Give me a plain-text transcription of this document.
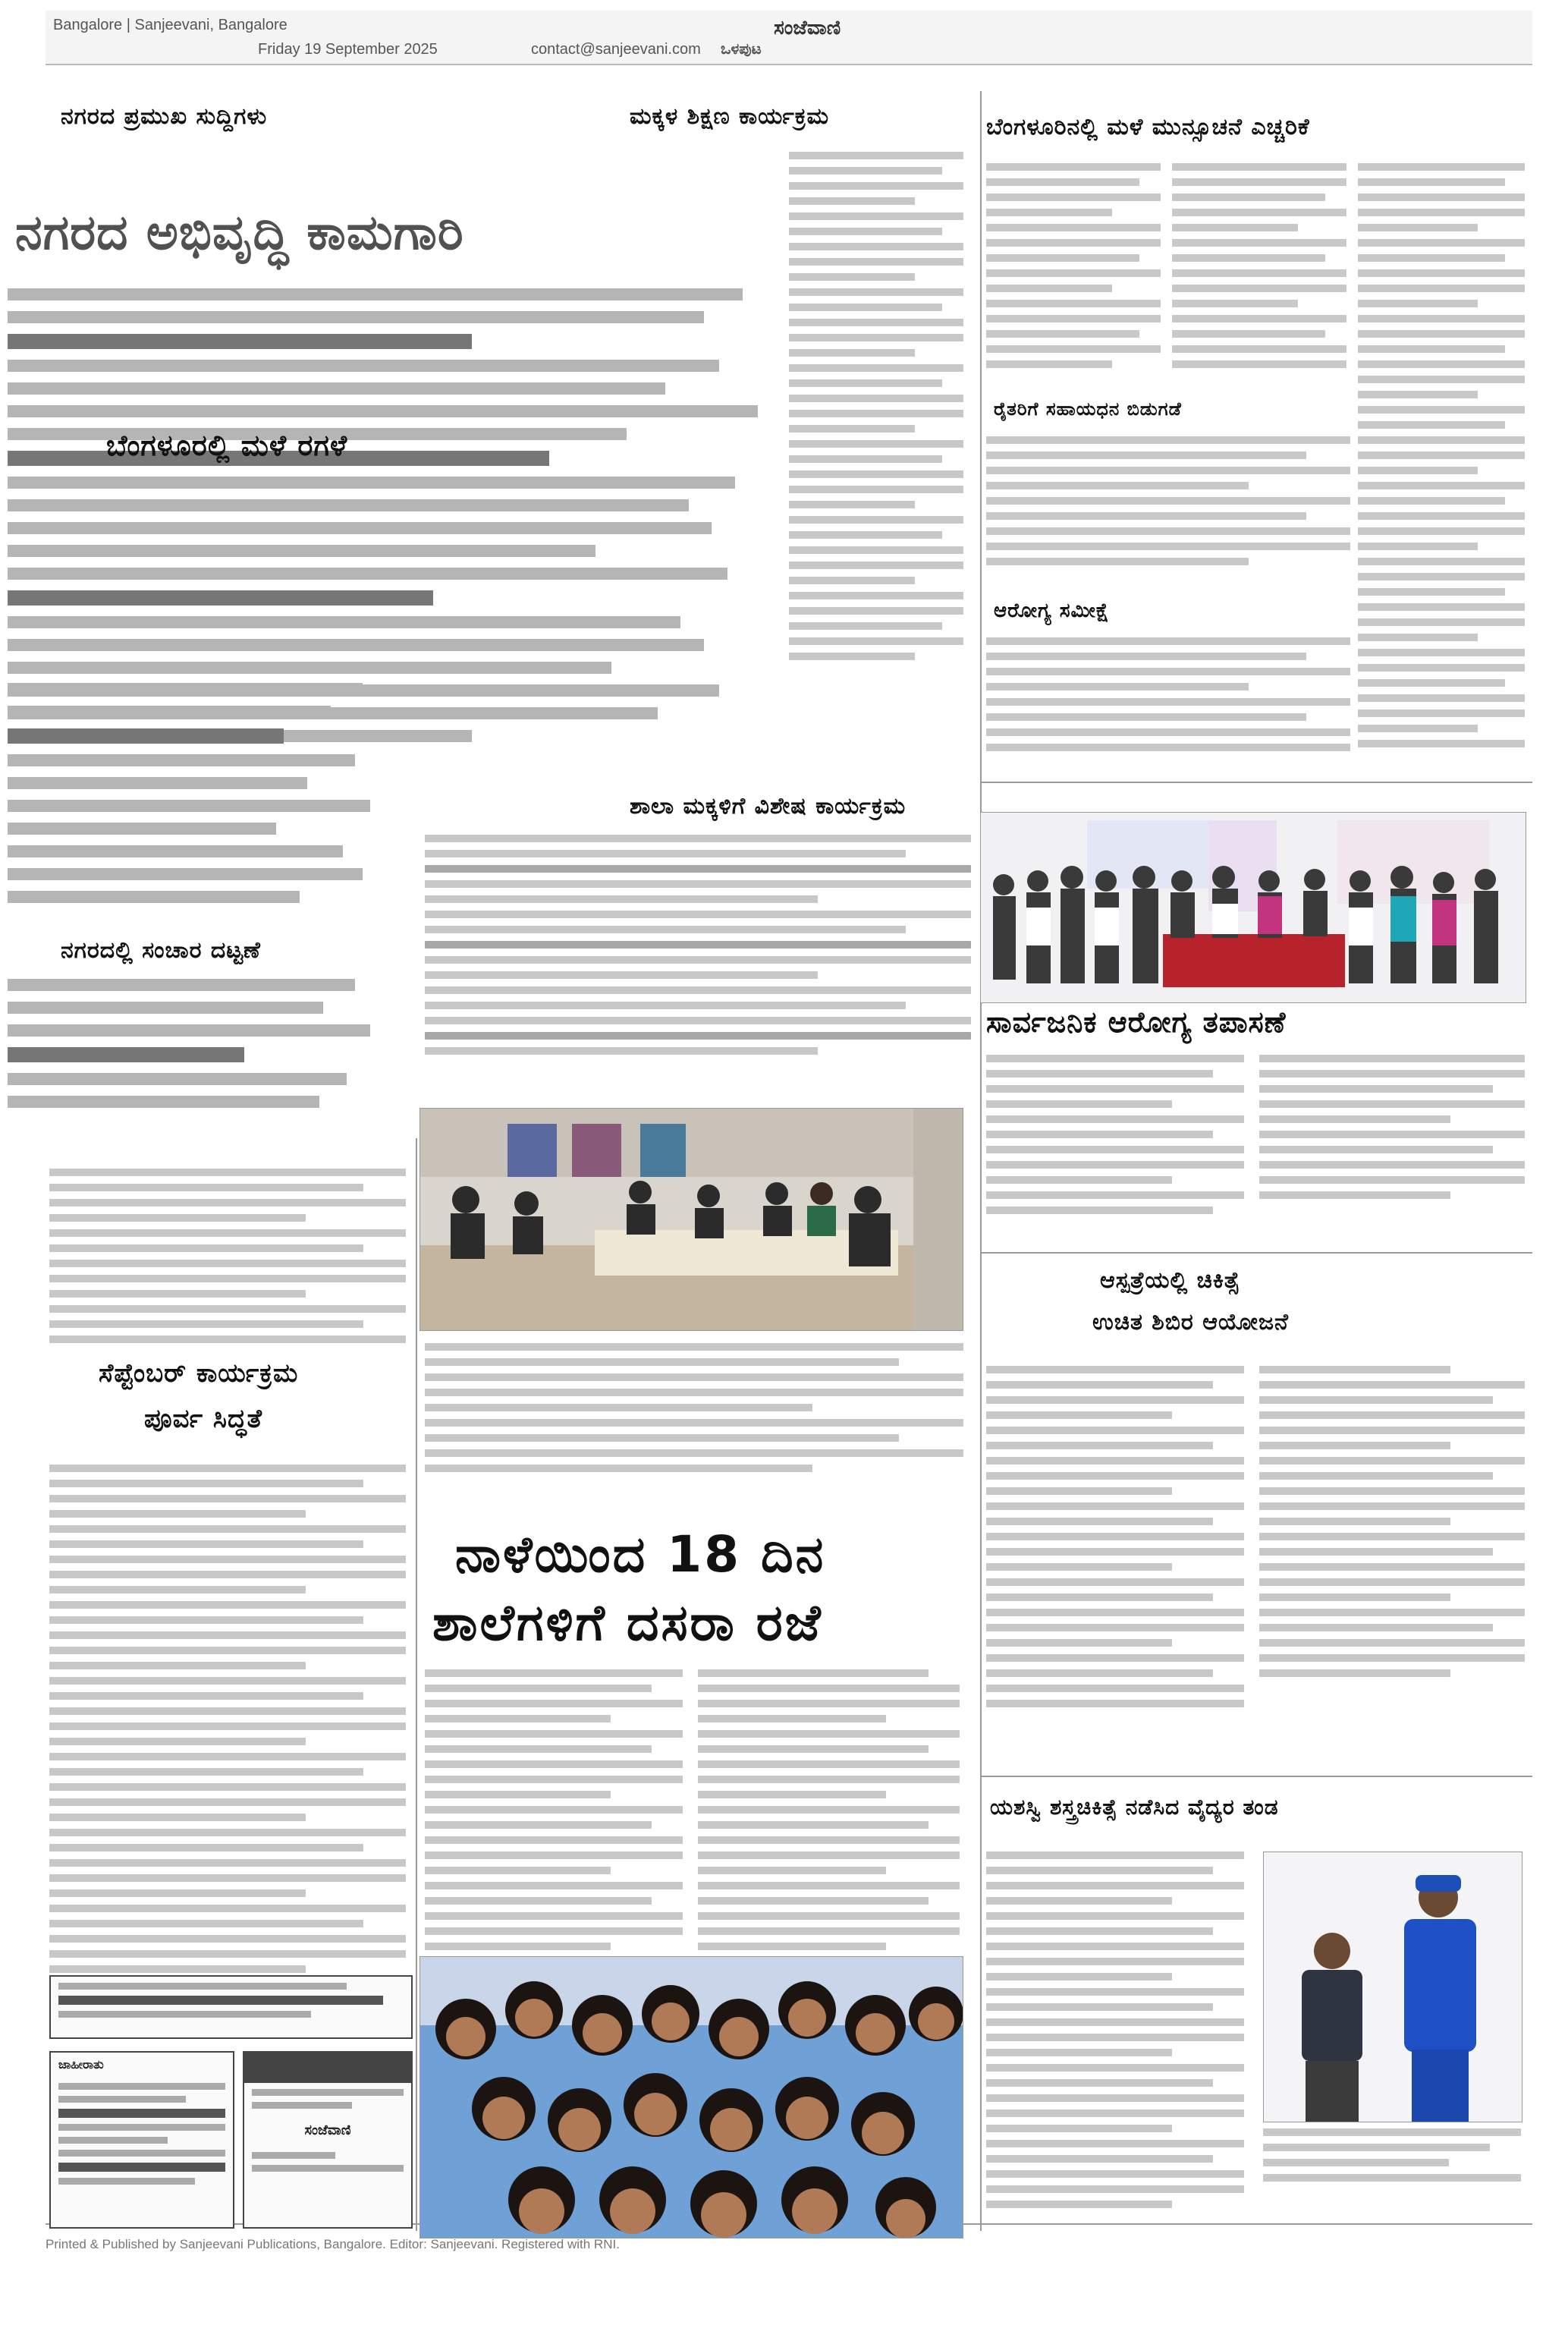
Bangalore | Sanjeevani, Bangalore
Friday 19 September 2025	contact@sanjeevani.com
ಸಂಜೆವಾಣಿ
ಒಳಪುಟ
ನಗರದ ಪ್ರಮುಖ ಸುದ್ದಿಗಳು	ಮಕ್ಕಳ ಶಿಕ್ಷಣ ಕಾರ್ಯಕ್ರಮ	ಬೆಂಗಳೂರಿನಲ್ಲಿ ಮಳೆ ಮುನ್ಸೂಚನೆ ಎಚ್ಚರಿಕೆ
ನಗರದ ಅಭಿವೃದ್ಧಿ ಕಾಮಗಾರಿ
ಬೆಂಗಳೂರಲ್ಲಿ ಮಳೆ ರಗಳೆ
ನಗರದಲ್ಲಿ ಸಂಚಾರ ದಟ್ಟಣೆ
ಶಾಲಾ ಮಕ್ಕಳಿಗೆ ವಿಶೇಷ ಕಾರ್ಯಕ್ರಮ
ರೈತರಿಗೆ ಸಹಾಯಧನ ಬಿಡುಗಡೆ
ಆರೋಗ್ಯ ಸಮೀಕ್ಷೆ
ಸಾರ್ವಜನಿಕ ಆರೋಗ್ಯ ತಪಾಸಣೆ
ಆಸ್ಪತ್ರೆಯಲ್ಲಿ ಚಿಕಿತ್ಸೆ
ಉಚಿತ ಶಿಬಿರ ಆಯೋಜನೆ
ಯಶಸ್ವಿ ಶಸ್ತ್ರಚಿಕಿತ್ಸೆ ನಡೆಸಿದ ವೈದ್ಯರ ತಂಡ
ಸೆಪ್ಟೆಂಬರ್ ಕಾರ್ಯಕ್ರಮ
ಪೂರ್ವ ಸಿದ್ಧತೆ
ನಾಳೆಯಿಂದ 18 ದಿನ
ಶಾಲೆಗಳಿಗೆ ದಸರಾ ರಜೆ
ಜಾಹೀರಾತು
ಸಂಜೆವಾಣಿ
Printed & Published by Sanjeevani Publications, Bangalore. Editor: Sanjeevani. Registered with RNI.
